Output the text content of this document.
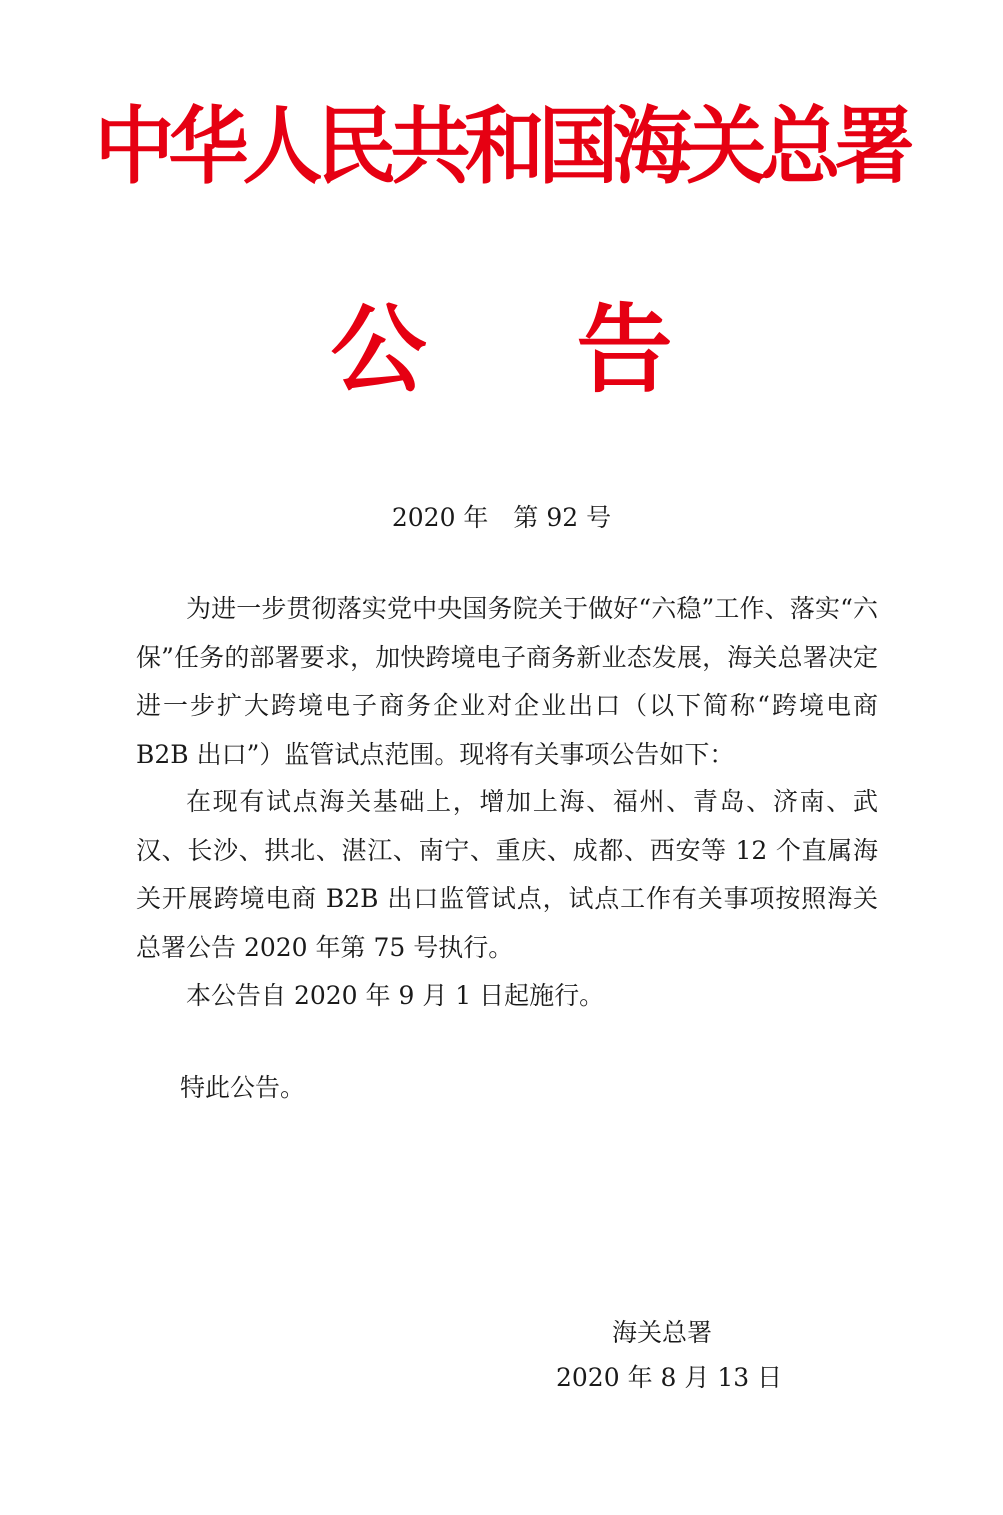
中华人民共和国海关总署
公告
2020 年　第 92 号

为进一步贯彻落实党中央国务院关于做好“六稳”工作、落实“六保”任务的部署要求，加快跨境电子商务新业态发展，海关总署决定进一步扩大跨境电子商务企业对企业出口（以下简称“跨境电商 B2B 出口”）监管试点范围。现将有关事项公告如下：

在现有试点海关基础上，增加上海、福州、青岛、济南、武汉、长沙、拱北、湛江、南宁、重庆、成都、西安等 12 个直属海关开展跨境电商 B2B 出口监管试点，试点工作有关事项按照海关总署公告 2020 年第 75 号执行。

本公告自 2020 年 9 月 1 日起施行。

特此公告。
海关总署
2020 年 8 月 13 日
